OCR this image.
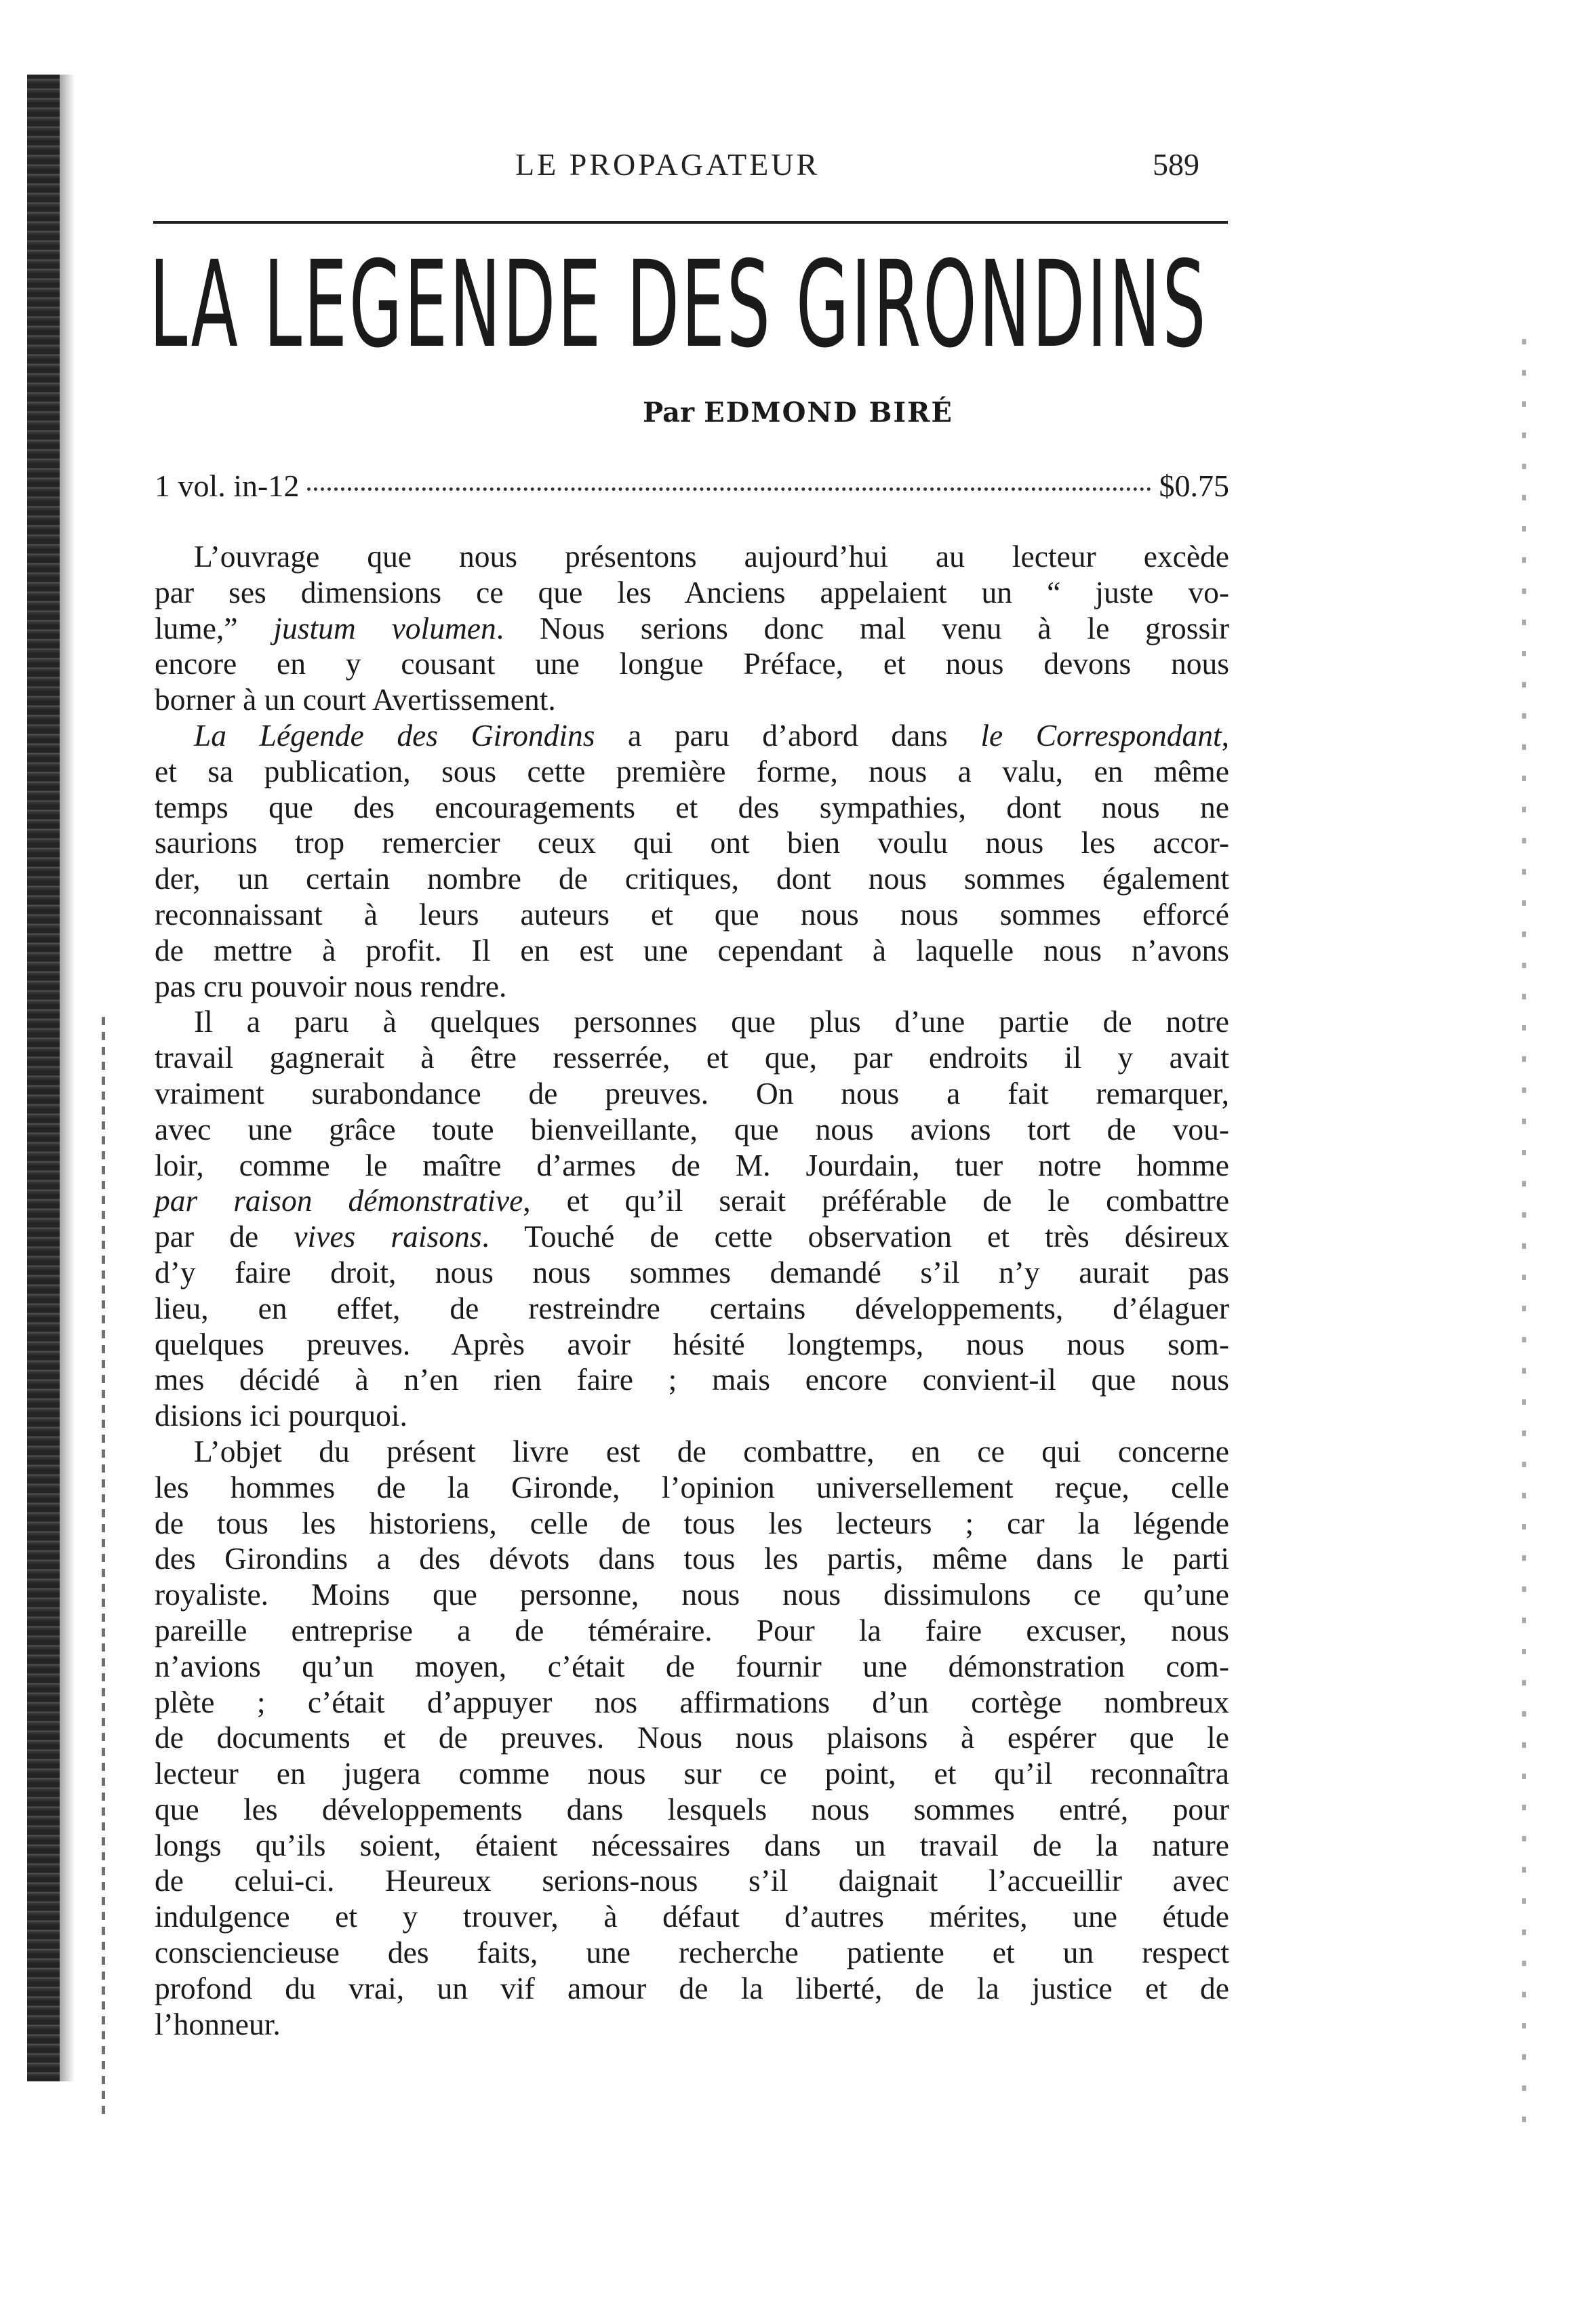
LE PROPAGATEUR	589
LA LEGENDE DES GIRONDINS
Par EDMOND BIRÉ
1 vol. in-12	$0.75
L’ouvrage que nous présentons aujourd’hui au lecteur excède
par ses dimensions ce que les Anciens appelaient un “ juste vo-
lume,” justum volumen. Nous serions donc mal venu à le grossir
encore en y cousant une longue Préface, et nous devons nous
borner à un court Avertissement.
La Légende des Girondins a paru d’abord dans le Correspondant,
et sa publication, sous cette première forme, nous a valu, en même
temps que des encouragements et des sympathies, dont nous ne
saurions trop remercier ceux qui ont bien voulu nous les accor-
der, un certain nombre de critiques, dont nous sommes également
reconnaissant à leurs auteurs et que nous nous sommes efforcé
de mettre à profit. Il en est une cependant à laquelle nous n’avons
pas cru pouvoir nous rendre.
Il a paru à quelques personnes que plus d’une partie de notre
travail gagnerait à être resserrée, et que, par endroits il y avait
vraiment surabondance de preuves. On nous a fait remarquer,
avec une grâce toute bienveillante, que nous avions tort de vou-
loir, comme le maître d’armes de M. Jourdain, tuer notre homme
par raison démonstrative, et qu’il serait préférable de le combattre
par de vives raisons. Touché de cette observation et très désireux
d’y faire droit, nous nous sommes demandé s’il n’y aurait pas
lieu, en effet, de restreindre certains développements, d’élaguer
quelques preuves. Après avoir hésité longtemps, nous nous som-
mes décidé à n’en rien faire ; mais encore convient-il que nous
disions ici pourquoi.
L’objet du présent livre est de combattre, en ce qui concerne
les hommes de la Gironde, l’opinion universellement reçue, celle
de tous les historiens, celle de tous les lecteurs ; car la légende
des Girondins a des dévots dans tous les partis, même dans le parti
royaliste. Moins que personne, nous nous dissimulons ce qu’une
pareille entreprise a de téméraire. Pour la faire excuser, nous
n’avions qu’un moyen, c’était de fournir une démonstration com-
plète ; c’était d’appuyer nos affirmations d’un cortège nombreux
de documents et de preuves. Nous nous plaisons à espérer que le
lecteur en jugera comme nous sur ce point, et qu’il reconnaîtra
que les développements dans lesquels nous sommes entré, pour
longs qu’ils soient, étaient nécessaires dans un travail de la nature
de celui-ci. Heureux serions-nous s’il daignait l’accueillir avec
indulgence et y trouver, à défaut d’autres mérites, une étude
consciencieuse des faits, une recherche patiente et un respect
profond du vrai, un vif amour de la liberté, de la justice et de
l’honneur.
